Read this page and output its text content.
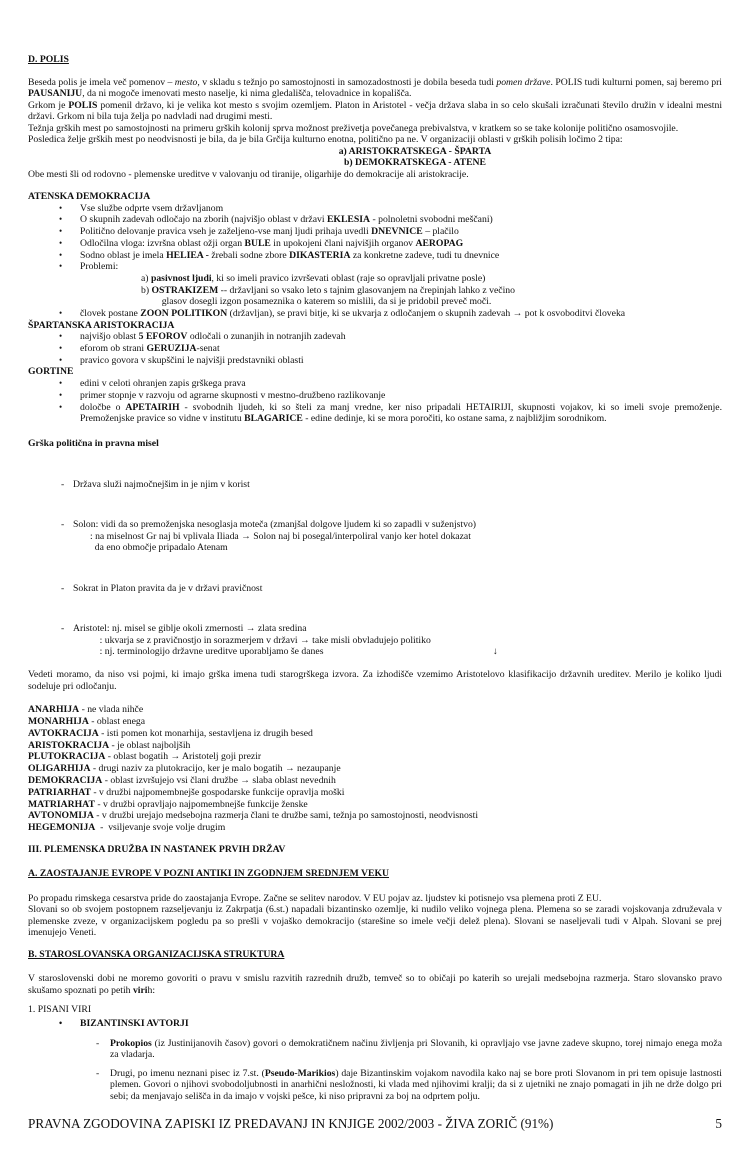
D. POLIS
Beseda polis je imela več pomenov – mesto, v skladu s težnjo po samostojnosti in samozadostnosti je dobila beseda tudi pomen države. POLIS tudi kulturni pomen, saj beremo pri PAUSANIJU, da ni mogoče imenovati mesto naselje, ki nima gledališča, telovadnice in kopališča.
Grkom je POLIS pomenil državo, ki je velika kot mesto s svojim ozemljem. Platon in Aristotel - večja država slaba in so celo skušali izračunati število družin v idealni mestni državi. Grkom ni bila tuja želja po nadvladi nad drugimi mesti.
Težnja grških mest po samostojnosti na primeru grških kolonij sprva možnost preživetja povečanega prebivalstva, v kratkem so se take kolonije politično osamosvojile.
Posledica želje grških mest po neodvisnosti je bila, da je bila Grčija kulturno enotna, politično pa ne. V organizaciji oblasti v grških polisih ločimo 2 tipa:
a) ARISTOKRATSKEGA - ŠPARTA
b) DEMOKRATSKEGA - ATENE
Obe mesti šli od rodovno - plemenske ureditve v valovanju od tiranije, oligarhije do demokracije ali aristokracije.
ATENSKA DEMOKRACIJA
• Vse službe odprte vsem državljanom
• O skupnih zadevah odločajo na zborih (najvišjo oblast v državi EKLESIA - polnoletni svobodni meščani)
• Politično delovanje pravica vseh je zaželjeno-vse manj ljudi prihaja uvedli DNEVNICE – plačilo
• Odločilna vloga: izvršna oblast ožji organ BULE in upokojeni člani najvišjih organov AEROPAG
• Sodno oblast je imela HELIEA - žrebali sodne zbore DIKASTERIA za konkretne zadeve, tudi tu dnevnice
• Problemi:
a) pasivnost ljudi, ki so imeli pravico izvrševati oblast (raje so opravljali privatne posle)
b) OSTRAKIZEM -- državljani so vsako leto s tajnim glasovanjem na črepinjah lahko z večino
glasov dosegli izgon posameznika o katerem so mislili, da si je pridobil preveč moči.
• človek postane ZOON POLITIKON (državljan), se pravi bitje, ki se ukvarja z odločanjem o skupnih zadevah → pot k osvoboditvi človeka
ŠPARTANSKA ARISTOKRACIJA
• najvišjo oblast 5 EFOROV odločali o zunanjih in notranjih zadevah
• eforom ob strani GERUZIJA-senat
• pravico govora v skupščini le najvišji predstavniki oblasti
GORTINE
• edini v celoti ohranjen zapis grškega prava
• primer stopnje v razvoju od agrarne skupnosti v mestno-družbeno razlikovanje
• določbe o APETAIRIH - svobodnih ljudeh, ki so šteli za manj vredne, ker niso pripadali HETAIRIJI, skupnosti vojakov, ki so imeli svoje premoženje. Premoženjske pravice so vidne v institutu BLAGARICE - edine dedinje, ki se mora poročiti, ko ostane sama, z najbližjim sorodnikom.
Grška politična in pravna misel

- Država služi najmočnejšim in je njim v korist

- Solon: vidi da so premoženjska nesoglasja moteča (zmanjšal dolgove ljudem ki so zapadli v suženjstvo)
: na miselnost Gr naj bi vplivala Iliada → Solon naj bi posegal/interpoliral vanjo ker hotel dokazat
da eno območje pripadalo Atenam

- Sokrat in Platon pravita da je v državi pravičnost

- Aristotel: nj. misel se giblje okoli zmernosti → zlata sredina
: ukvarja se z pravičnostjo in sorazmerjem v državi → take misli obvladujejo politiko
: nj. terminologijo državne ureditve uporabljamo še danes	↓

Vedeti moramo, da niso vsi pojmi, ki imajo grška imena tudi starogrškega izvora. Za izhodišče vzemimo Aristotelovo klasifikacijo državnih ureditev. Merilo je koliko ljudi sodeluje pri odločanju.
ANARHIJA - ne vlada nihče
MONARHIJA - oblast enega
AVTOKRACIJA - isti pomen kot monarhija, sestavljena iz drugih besed
ARISTOKRACIJA - je oblast najboljših
PLUTOKRACIJA - oblast bogatih → Aristotelj goji prezir
OLIGARHIJA - drugi naziv za plutokracijo, ker je malo bogatih → nezaupanje
DEMOKRACIJA - oblast izvršujejo vsi člani družbe → slaba oblast nevednih
PATRIARHAT - v družbi najpomembnejše gospodarske funkcije opravlja moški
MATRIARHAT - v družbi opravljajo najpomembnejše funkcije ženske
AVTONOMIJA - v družbi urejajo medsebojna razmerja člani te družbe sami, težnja po samostojnosti, neodvisnosti
HEGEMONIJA  -  vsiljevanje svoje volje drugim
III. PLEMENSKA DRUŽBA IN NASTANEK PRVIH DRŽAV
A. ZAOSTAJANJE EVROPE V POZNI ANTIKI IN ZGODNJEM SREDNJEM VEKU
Po propadu rimskega cesarstva pride do zaostajanja Evrope. Začne se selitev narodov. V EU pojav az. ljudstev ki potisnejo vsa plemena proti Z EU.
Slovani so ob svojem postopnem razseljevanju iz Zakrpatja (6.st.) napadali bizantinsko ozemlje, ki nudilo veliko vojnega plena. Plemena so se zaradi vojskovanja združevala v plemenske zveze, v organizacijskem pogledu pa so prešli v vojaško demokracijo (starešine so imele večji delež plena). Slovani se naseljevali tudi v Alpah. Slovani se prej imenujejo Veneti.
B. STAROSLOVANSKA ORGANIZACIJSKA STRUKTURA
V staroslovenski dobi ne moremo govoriti o pravu v smislu razvitih razrednih družb, temveč so to običaji po katerih so urejali medsebojna razmerja. Staro slovansko pravo skušamo spoznati po petih virih:
1. PISANI VIRI
• BIZANTINSKI AVTORJI
- Prokopios (iz Justinijanovih časov) govori o demokratičnem načinu življenja pri Slovanih, ki opravljajo vse javne zadeve skupno, torej nimajo enega moža za vladarja.
- Drugi, po imenu neznani pisec iz 7.st. (Pseudo-Marikios) daje Bizantinskim vojakom navodila kako naj se bore proti Slovanom in pri tem opisuje lastnosti plemen. Govori o njihovi svobodoljubnosti in anarhični nesložnosti, ki vlada med njihovimi kralji; da si z ujetniki ne znajo pomagati in jih ne drže dolgo pri sebi; da menjavajo selišča in da imajo v vojski pešce, ki niso pripravni za boj na odprtem polju.
PRAVNA ZGODOVINA ZAPISKI IZ PREDAVANJ IN KNJIGE 2002/2003 - ŽIVA ZORIČ (91%)	5
